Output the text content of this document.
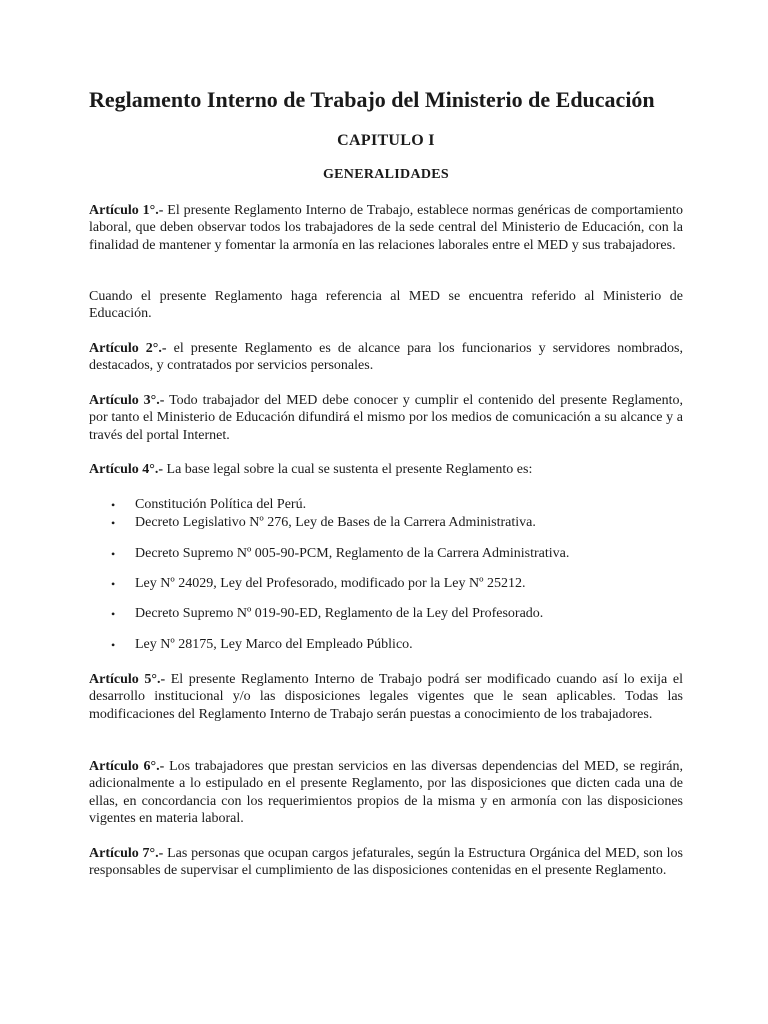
Reglamento Interno de Trabajo del Ministerio de Educación
CAPITULO I
GENERALIDADES

Artículo 1°.- El presente Reglamento Interno de Trabajo, establece normas genéricas de comportamiento laboral, que deben observar todos los trabajadores de la sede central del Ministerio de Educación, con la finalidad de mantener y fomentar la armonía en las relaciones laborales entre el MED y sus trabajadores.

Cuando el presente Reglamento haga referencia al MED se encuentra referido al Ministerio de Educación.

Artículo 2°.- el presente Reglamento es de alcance para los funcionarios y servidores nombrados, destacados, y contratados por servicios personales.

Artículo 3°.- Todo trabajador del MED debe conocer y cumplir el contenido del presente Reglamento, por tanto el Ministerio de Educación difundirá el mismo por los medios de comunicación a su alcance y a través del portal Internet.

Artículo 4°.- La base legal sobre la cual se sustenta el presente Reglamento es:

•	Constitución Política del Perú.
•	Decreto Legislativo Nº 276, Ley de Bases de la Carrera Administrativa.
•	Decreto Supremo Nº 005-90-PCM, Reglamento de la Carrera Administrativa.
•	Ley Nº 24029, Ley del Profesorado, modificado por la Ley Nº 25212.
•	Decreto Supremo Nº 019-90-ED, Reglamento de la Ley del Profesorado.
•	Ley Nº 28175, Ley Marco del Empleado Público.

Artículo 5°.- El presente Reglamento Interno de Trabajo podrá ser modificado cuando así lo exija el desarrollo institucional y/o las disposiciones legales vigentes que le sean aplicables. Todas las modificaciones del Reglamento Interno de Trabajo serán puestas a conocimiento de los trabajadores.

Artículo 6°.- Los trabajadores que prestan servicios en las diversas dependencias del MED, se regirán, adicionalmente a lo estipulado en el presente Reglamento, por las disposiciones que dicten cada una de ellas, en concordancia con los requerimientos propios de la misma y en armonía con las disposiciones vigentes en materia laboral.

Artículo 7°.- Las personas que ocupan cargos jefaturales, según la Estructura Orgánica del MED, son los responsables de supervisar el cumplimiento de las disposiciones contenidas en el presente Reglamento.
